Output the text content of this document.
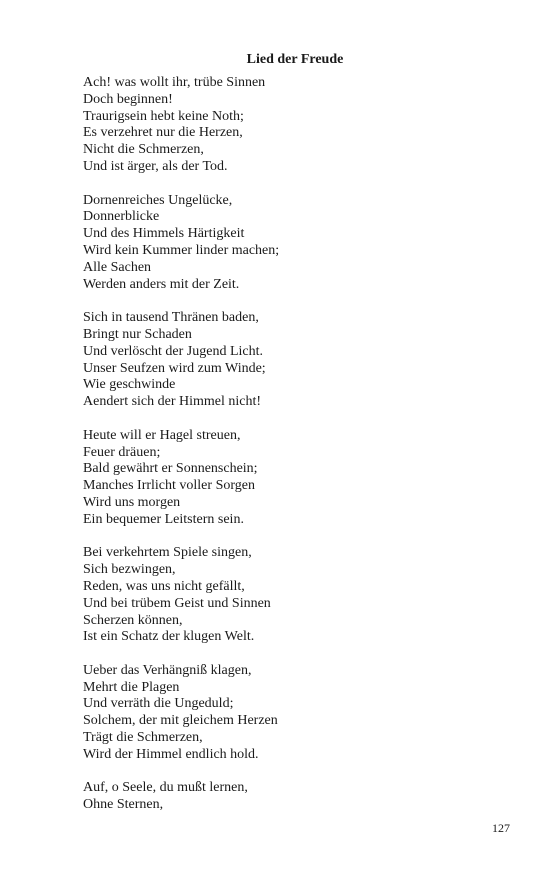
Lied der Freude
Ach! was wollt ihr, trübe Sinnen
Doch beginnen!
Traurigsein hebt keine Noth;
Es verzehret nur die Herzen,
Nicht die Schmerzen,
Und ist ärger, als der Tod.
Dornenreiches Ungelücke,
Donnerblicke
Und des Himmels Härtigkeit
Wird kein Kummer linder machen;
Alle Sachen
Werden anders mit der Zeit.
Sich in tausend Thränen baden,
Bringt nur Schaden
Und verlöscht der Jugend Licht.
Unser Seufzen wird zum Winde;
Wie geschwinde
Aendert sich der Himmel nicht!
Heute will er Hagel streuen,
Feuer dräuen;
Bald gewährt er Sonnenschein;
Manches Irrlicht voller Sorgen
Wird uns morgen
Ein bequemer Leitstern sein.
Bei verkehrtem Spiele singen,
Sich bezwingen,
Reden, was uns nicht gefällt,
Und bei trübem Geist und Sinnen
Scherzen können,
Ist ein Schatz der klugen Welt.
Ueber das Verhängniß klagen,
Mehrt die Plagen
Und verräth die Ungeduld;
Solchem, der mit gleichem Herzen
Trägt die Schmerzen,
Wird der Himmel endlich hold.
Auf, o Seele, du mußt lernen,
Ohne Sternen,
127
